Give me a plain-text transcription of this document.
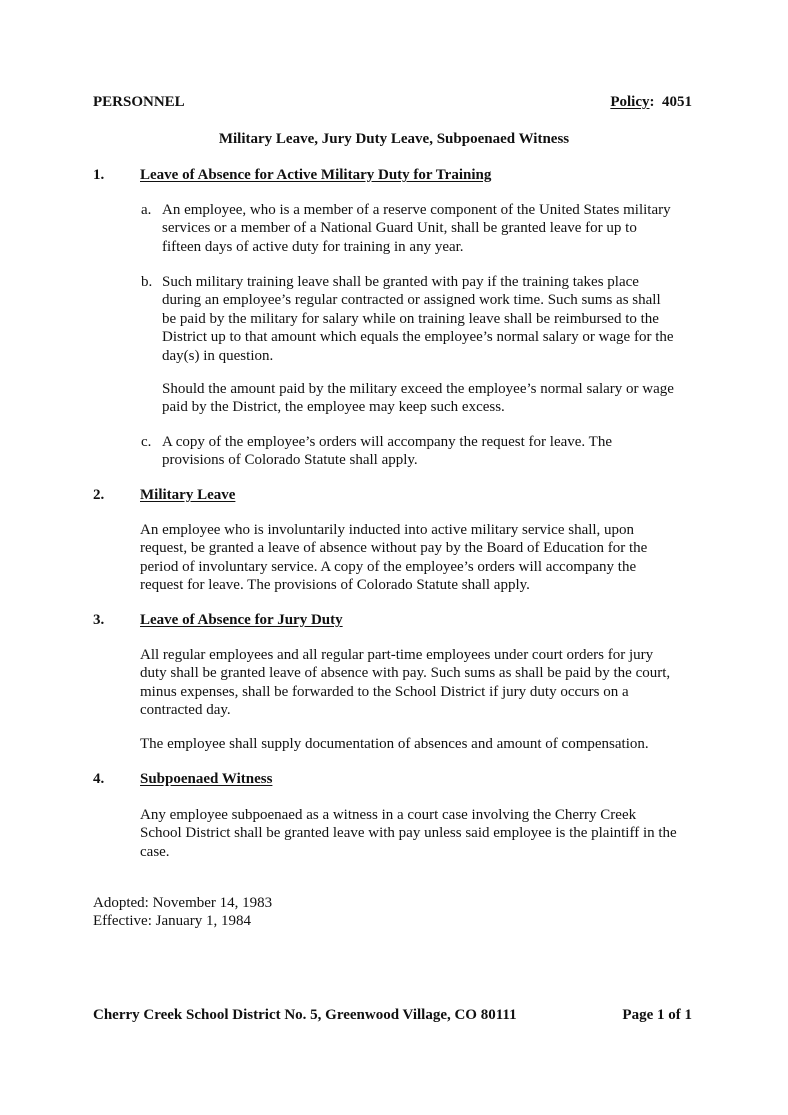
PERSONNEL	Policy:  4051
Military Leave, Jury Duty Leave, Subpoenaed Witness
1. Leave of Absence for Active Military Duty for Training
a. An employee, who is a member of a reserve component of the United States military
services or a member of a National Guard Unit, shall be granted leave for up to
fifteen days of active duty for training in any year.
b. Such military training leave shall be granted with pay if the training takes place
during an employee’s regular contracted or assigned work time. Such sums as shall
be paid by the military for salary while on training leave shall be reimbursed to the
District up to that amount which equals the employee’s normal salary or wage for the
day(s) in question.
Should the amount paid by the military exceed the employee’s normal salary or wage
paid by the District, the employee may keep such excess.
c. A copy of the employee’s orders will accompany the request for leave. The
provisions of Colorado Statute shall apply.
2. Military Leave
An employee who is involuntarily inducted into active military service shall, upon
request, be granted a leave of absence without pay by the Board of Education for the
period of involuntary service. A copy of the employee’s orders will accompany the
request for leave. The provisions of Colorado Statute shall apply.
3. Leave of Absence for Jury Duty
All regular employees and all regular part-time employees under court orders for jury
duty shall be granted leave of absence with pay. Such sums as shall be paid by the court,
minus expenses, shall be forwarded to the School District if jury duty occurs on a
contracted day.
The employee shall supply documentation of absences and amount of compensation.
4. Subpoenaed Witness
Any employee subpoenaed as a witness in a court case involving the Cherry Creek
School District shall be granted leave with pay unless said employee is the plaintiff in the
case.
Adopted: November 14, 1983
Effective: January 1, 1984
Cherry Creek School District No. 5, Greenwood Village, CO 80111	Page 1 of 1
